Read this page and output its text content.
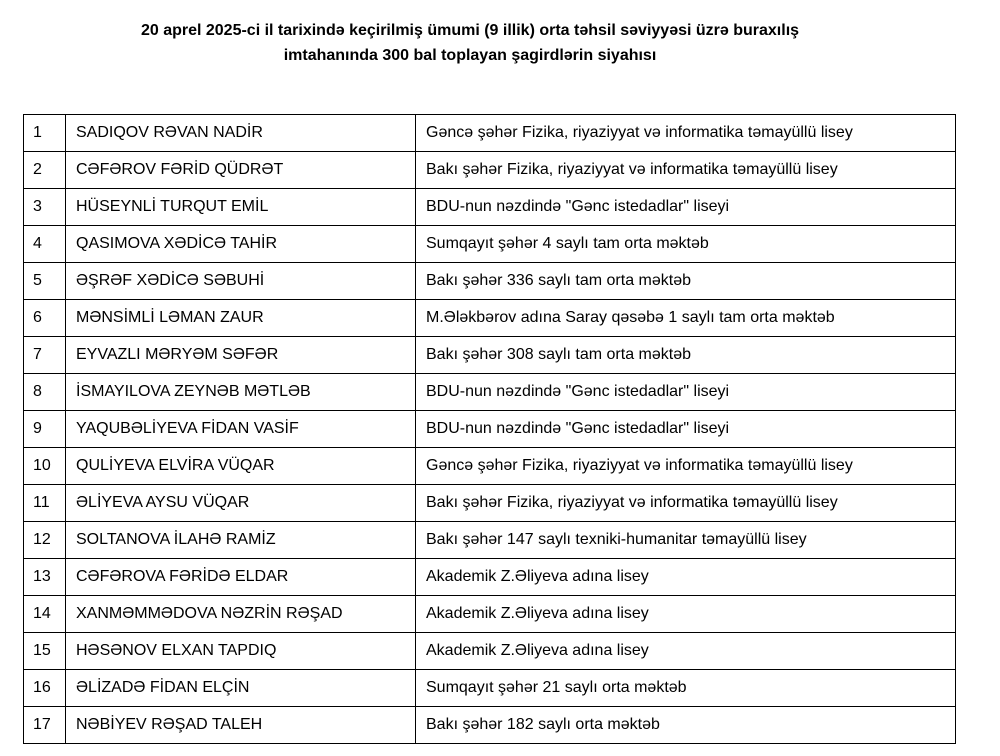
20 aprel 2025-ci il tarixində keçirilmiş ümumi (9 illik) orta təhsil səviyyəsi üzrə buraxılış
imtahanında 300 bal toplayan şagirdlərin siyahısı
1	SADIQOV RƏVAN NADİR	Gəncə şəhər Fizika, riyaziyyat və informatika təmayüllü lisey
2	CƏFƏROV FƏRİD QÜDRƏT	Bakı şəhər Fizika, riyaziyyat və informatika təmayüllü lisey
3	HÜSEYNLİ TURQUT EMİL	BDU-nun nəzdində "Gənc istedadlar" liseyi
4	QASIMOVA XƏDİCƏ TAHİR	Sumqayıt şəhər 4 saylı tam orta məktəb
5	ƏŞRƏF XƏDİCƏ SƏBUHİ	Bakı şəhər 336 saylı tam orta məktəb
6	MƏNSİMLİ LƏMAN ZAUR	M.Ələkbərov adına Saray qəsəbə 1 saylı tam orta məktəb
7	EYVAZLI MƏRYƏM SƏFƏR	Bakı şəhər 308 saylı tam orta məktəb
8	İSMAYILOVA ZEYNƏB MƏTLƏB	BDU-nun nəzdində "Gənc istedadlar" liseyi
9	YAQUBƏLİYEVA FİDAN VASİF	BDU-nun nəzdində "Gənc istedadlar" liseyi
10	QULİYEVA ELVİRA VÜQAR	Gəncə şəhər Fizika, riyaziyyat və informatika təmayüllü lisey
11	ƏLİYEVA AYSU VÜQAR	Bakı şəhər Fizika, riyaziyyat və informatika təmayüllü lisey
12	SOLTANOVA İLAHƏ RAMİZ	Bakı şəhər 147 saylı texniki-humanitar təmayüllü lisey
13	CƏFƏROVA FƏRİDƏ ELDAR	Akademik Z.Əliyeva adına lisey
14	XANMƏMMƏDOVA NƏZRİN RƏŞAD	Akademik Z.Əliyeva adına lisey
15	HƏSƏNOV ELXAN TAPDIQ	Akademik Z.Əliyeva adına lisey
16	ƏLİZADƏ FİDAN ELÇİN	Sumqayıt şəhər 21 saylı orta məktəb
17	NƏBİYEV RƏŞAD TALEH	Bakı şəhər 182 saylı orta məktəb
